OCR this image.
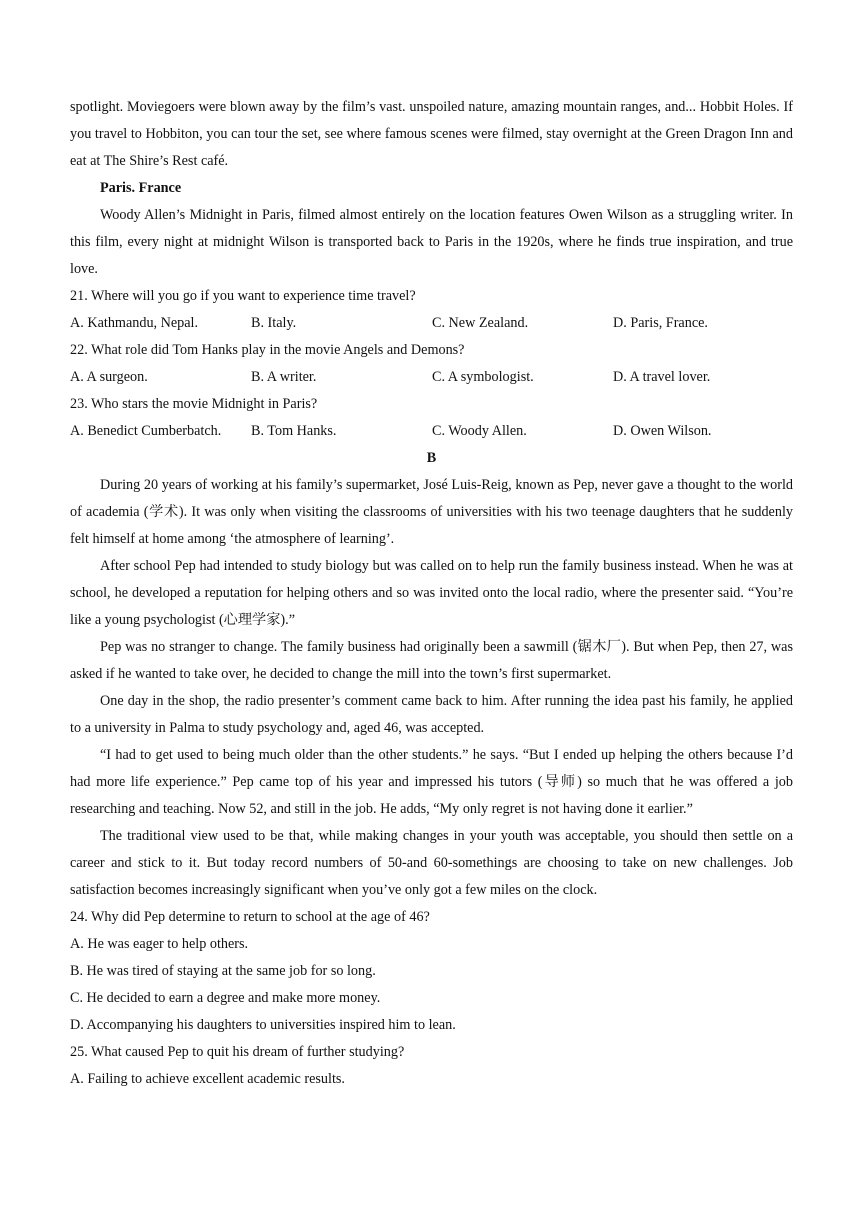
spotlight. Moviegoers were blown away by the film’s vast. unspoiled nature, amazing mountain ranges, and... Hobbit Holes. If you travel to Hobbiton, you can tour the set, see where famous scenes were filmed, stay overnight at the Green Dragon Inn and eat at The Shire’s Rest café.

Paris. France

Woody Allen’s Midnight in Paris, filmed almost entirely on the location features Owen Wilson as a struggling writer. In this film, every night at midnight Wilson is transported back to Paris in the 1920s, where he finds true inspiration, and true love.

21. Where will you go if you want to experience time travel?

A. Kathmandu, Nepal.	B. Italy.	C. New Zealand.	D. Paris, France.

22. What role did Tom Hanks play in the movie Angels and Demons?

A. A surgeon.	B. A writer.	C. A symbologist.	D. A travel lover.

23. Who stars the movie Midnight in Paris?

A. Benedict Cumberbatch.	B. Tom Hanks.	C. Woody Allen.	D. Owen Wilson.

B

During 20 years of working at his family’s supermarket, José Luis-Reig, known as Pep, never gave a thought to the world of academia (学术). It was only when visiting the classrooms of universities with his two teenage daughters that he suddenly felt himself at home among ‘the atmosphere of learning’.

After school Pep had intended to study biology but was called on to help run the family business instead. When he was at school, he developed a reputation for helping others and so was invited onto the local radio, where the presenter said. “You’re like a young psychologist (心理学家).”

Pep was no stranger to change. The family business had originally been a sawmill (锯木厂). But when Pep, then 27, was asked if he wanted to take over, he decided to change the mill into the town’s first supermarket.

One day in the shop, the radio presenter’s comment came back to him. After running the idea past his family, he applied to a university in Palma to study psychology and, aged 46, was accepted.

“I had to get used to being much older than the other students.” he says. “But I ended up helping the others because I’d had more life experience.” Pep came top of his year and impressed his tutors (导师) so much that he was offered a job researching and teaching. Now 52, and still in the job. He adds, “My only regret is not having done it earlier.”

The traditional view used to be that, while making changes in your youth was acceptable, you should then settle on a career and stick to it. But today record numbers of 50-and 60-somethings are choosing to take on new challenges. Job satisfaction becomes increasingly significant when you’ve only got a few miles on the clock.

24. Why did Pep determine to return to school at the age of 46?

A. He was eager to help others.

B. He was tired of staying at the same job for so long.

C. He decided to earn a degree and make more money.

D. Accompanying his daughters to universities inspired him to lean.

25. What caused Pep to quit his dream of further studying?

A. Failing to achieve excellent academic results.
